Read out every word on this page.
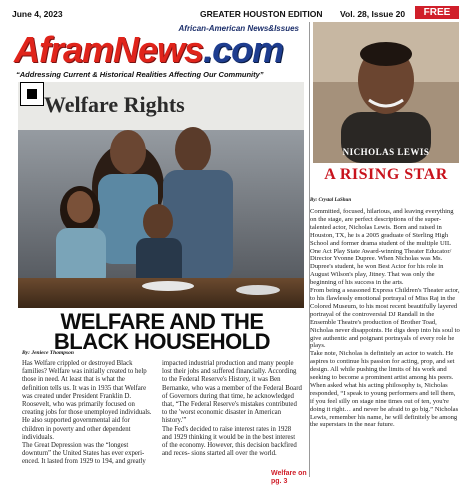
June 4, 2023	GREATER HOUSTON EDITION Vol. 28, Issue 20	FREE
African-American News&Issues
AframNews.com
“Addressing Current & Historical Realities Affecting Our Community”
Welfare Rights
WELFARE AND THE
BLACK HOUSEHOLD
By: Jeniece Thompson
Has Welfare crippled or destroyed Black families? Welfare was initially created to help those in need. At least that is what the definition tells us. It was in 1935 that Welfare was created under President Franklin D. Roosevelt, who was primarily focused on creating jobs for those unemployed individuals. He also supported governmental aid for children in poverty and other dependent individuals.
The Great Depression was the “longest downturn” the United States has ever experi- enced. It lasted from 1929 to 194, and greatly
impacted industrial production and many people lost their jobs and suffered financially. According to the Federal Reserve's History, it was Ben Bernanke, who was a member of the Federal Board of Governors during that time, he acknowledged that, “The Federal Reserve's mistakes contributed to the 'worst economic disaster in American history.'”
The Fed's decided to raise interest rates in 1928 and 1929 thinking it would be in the best interest of the economy. However, this decision backfired and reces- sions started all over the world.
Welfare on pg. 3
NICHOLAS LEWIS
A RISING STAR
By: Crystal LaShun
Committed, focused, hilarious, and leaving everything on the stage, are perfect descriptions of the super-talented actor, Nicholas Lewis. Born and raised in Houston, TX, he is a 2005 graduate of Sterling High School and former drama student of the multiple UIL One Act Play State Award-winning Theater Educator/ Director Yvonne Dupree. When Nicholas was Ms. Dupree's student, he won Best Actor for his role in August Wilson's play, Jitney. That was only the beginning of his success in the arts.
From being a seasoned Express Children's Theater actor, to his flawlessly emotional portrayal of Miss Raj in the Colored Museum, to his most recent beautifully layered portrayal of the controversial DJ Randall in the Ensemble Theatre's production of Brother Toad, Nicholas never disappoints. He digs deep into his soul to give authentic and poignant portrayals of every role he plays.
Take note, Nicholas is definitely an actor to watch. He aspires to continue his passion for acting, prop, and set design. All while pushing the limits of his work and seeking to become a prominent artist among his peers. When asked what his acting philosophy is, Nicholas responded, “I speak to young performers and tell them, if you feel silly on stage nine times out of ten, you're doing it right… and never be afraid to go big.” Nicholas Lewis, remember his name, he will definitely be among the superstars in the near future.
